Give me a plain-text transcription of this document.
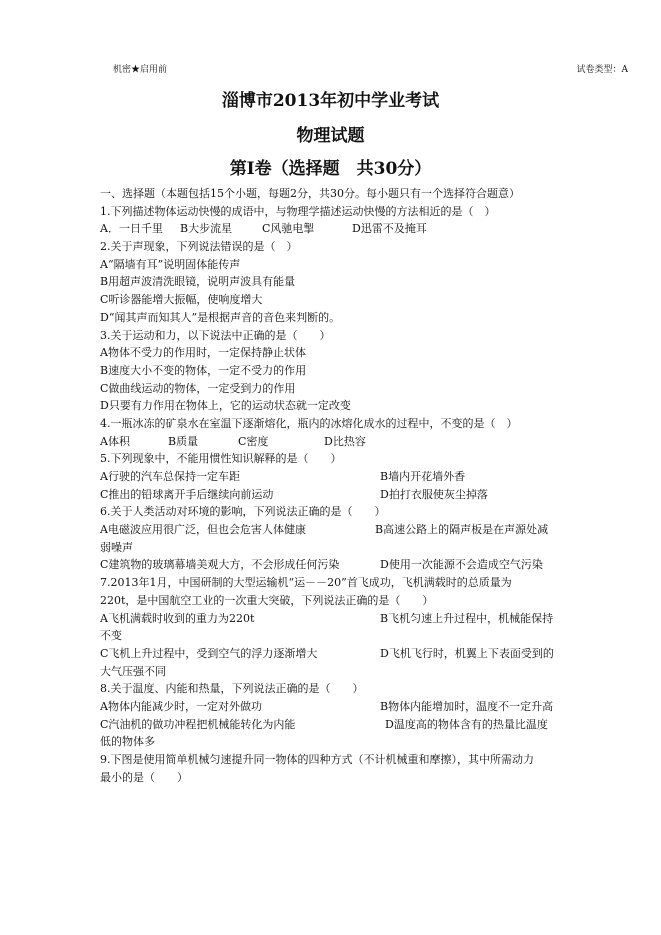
机密★启用前	试卷类型：A
淄博市2013年初中学业考试
物理试题
第Ⅰ卷（选择题　共30分）
一、选择题（本题包括15个小题，每题2分，共30分。每小题只有一个选择符合题意）
1.下列描述物体运动快慢的成语中，与物理学描述运动快慢的方法相近的是（　）
A．一日千里	B大步流星	C风驰电掣	D迅雷不及掩耳
2.关于声现象，下列说法错误的是（　）
A“隔墙有耳”说明固体能传声
B用超声波清洗眼镜，说明声波具有能量
C听诊器能增大振幅，使响度增大
D“闻其声而知其人”是根据声音的音色来判断的。
3.关于运动和力，以下说法中正确的是（　　）
A物体不受力的作用时，一定保持静止状体
B速度大小不变的物体，一定不受力的作用
C做曲线运动的物体，一定受到力的作用
D只要有力作用在物体上，它的运动状态就一定改变
4.一瓶冰冻的矿泉水在室温下逐渐熔化，瓶内的冰熔化成水的过程中，不变的是（　）
A体积	B质量	C密度	D比热容
5.下列现象中，不能用惯性知识解释的是（　　）
A行驶的汽车总保持一定车距	B墙内开花墙外香
C推出的铅球离开手后继续向前运动	D拍打衣服使灰尘掉落
6.关于人类活动对环境的影响，下列说法正确的是（　　）
A电磁波应用很广泛，但也会危害人体健康	B高速公路上的隔声板是在声源处减
弱噪声
C建筑物的玻璃幕墙美观大方，不会形成任何污染	D使用一次能源不会造成空气污染
7.2013年1月，中国研制的大型运输机“运－－20”首飞成功，飞机满载时的总质量为
220t，是中国航空工业的一次重大突破，下列说法正确的是（　　）
A飞机满载时收到的重力为220t	B飞机匀速上升过程中，机械能保持
不变
C飞机上升过程中，受到空气的浮力逐渐增大	D飞机飞行时，机翼上下表面受到的
大气压强不同
8.关于温度、内能和热量，下列说法正确的是（　　）
A物体内能减少时，一定对外做功	B物体内能增加时，温度不一定升高
C汽油机的做功冲程把机械能转化为内能	D温度高的物体含有的热量比温度
低的物体多
9.下图是使用简单机械匀速提升同一物体的四种方式（不计机械重和摩擦），其中所需动力
最小的是（　　）
